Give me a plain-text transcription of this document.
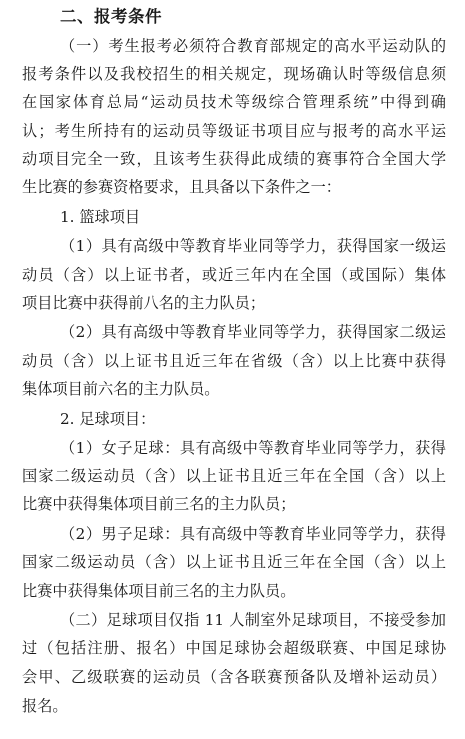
二、报考条件
（一）考生报考必须符合教育部规定的高水平运动队的
报考条件以及我校招生的相关规定，现场确认时等级信息须
在国家体育总局“运动员技术等级综合管理系统”中得到确
认；考生所持有的运动员等级证书项目应与报考的高水平运
动项目完全一致，且该考生获得此成绩的赛事符合全国大学
生比赛的参赛资格要求，且具备以下条件之一：
1. 篮球项目
（1）具有高级中等教育毕业同等学力，获得国家一级运
动员（含）以上证书者，或近三年内在全国（或国际）集体
项目比赛中获得前八名的主力队员；
（2）具有高级中等教育毕业同等学力，获得国家二级运
动员（含）以上证书且近三年在省级（含）以上比赛中获得
集体项目前六名的主力队员。
2. 足球项目：
（1）女子足球：具有高级中等教育毕业同等学力，获得
国家二级运动员（含）以上证书且近三年在全国（含）以上
比赛中获得集体项目前三名的主力队员；
（2）男子足球：具有高级中等教育毕业同等学力，获得
国家二级运动员（含）以上证书且近三年在全国（含）以上
比赛中获得集体项目前三名的主力队员。
（二）足球项目仅指 11 人制室外足球项目，不接受参加
过（包括注册、报名）中国足球协会超级联赛、中国足球协
会甲、乙级联赛的运动员（含各联赛预备队及增补运动员）
报名。
